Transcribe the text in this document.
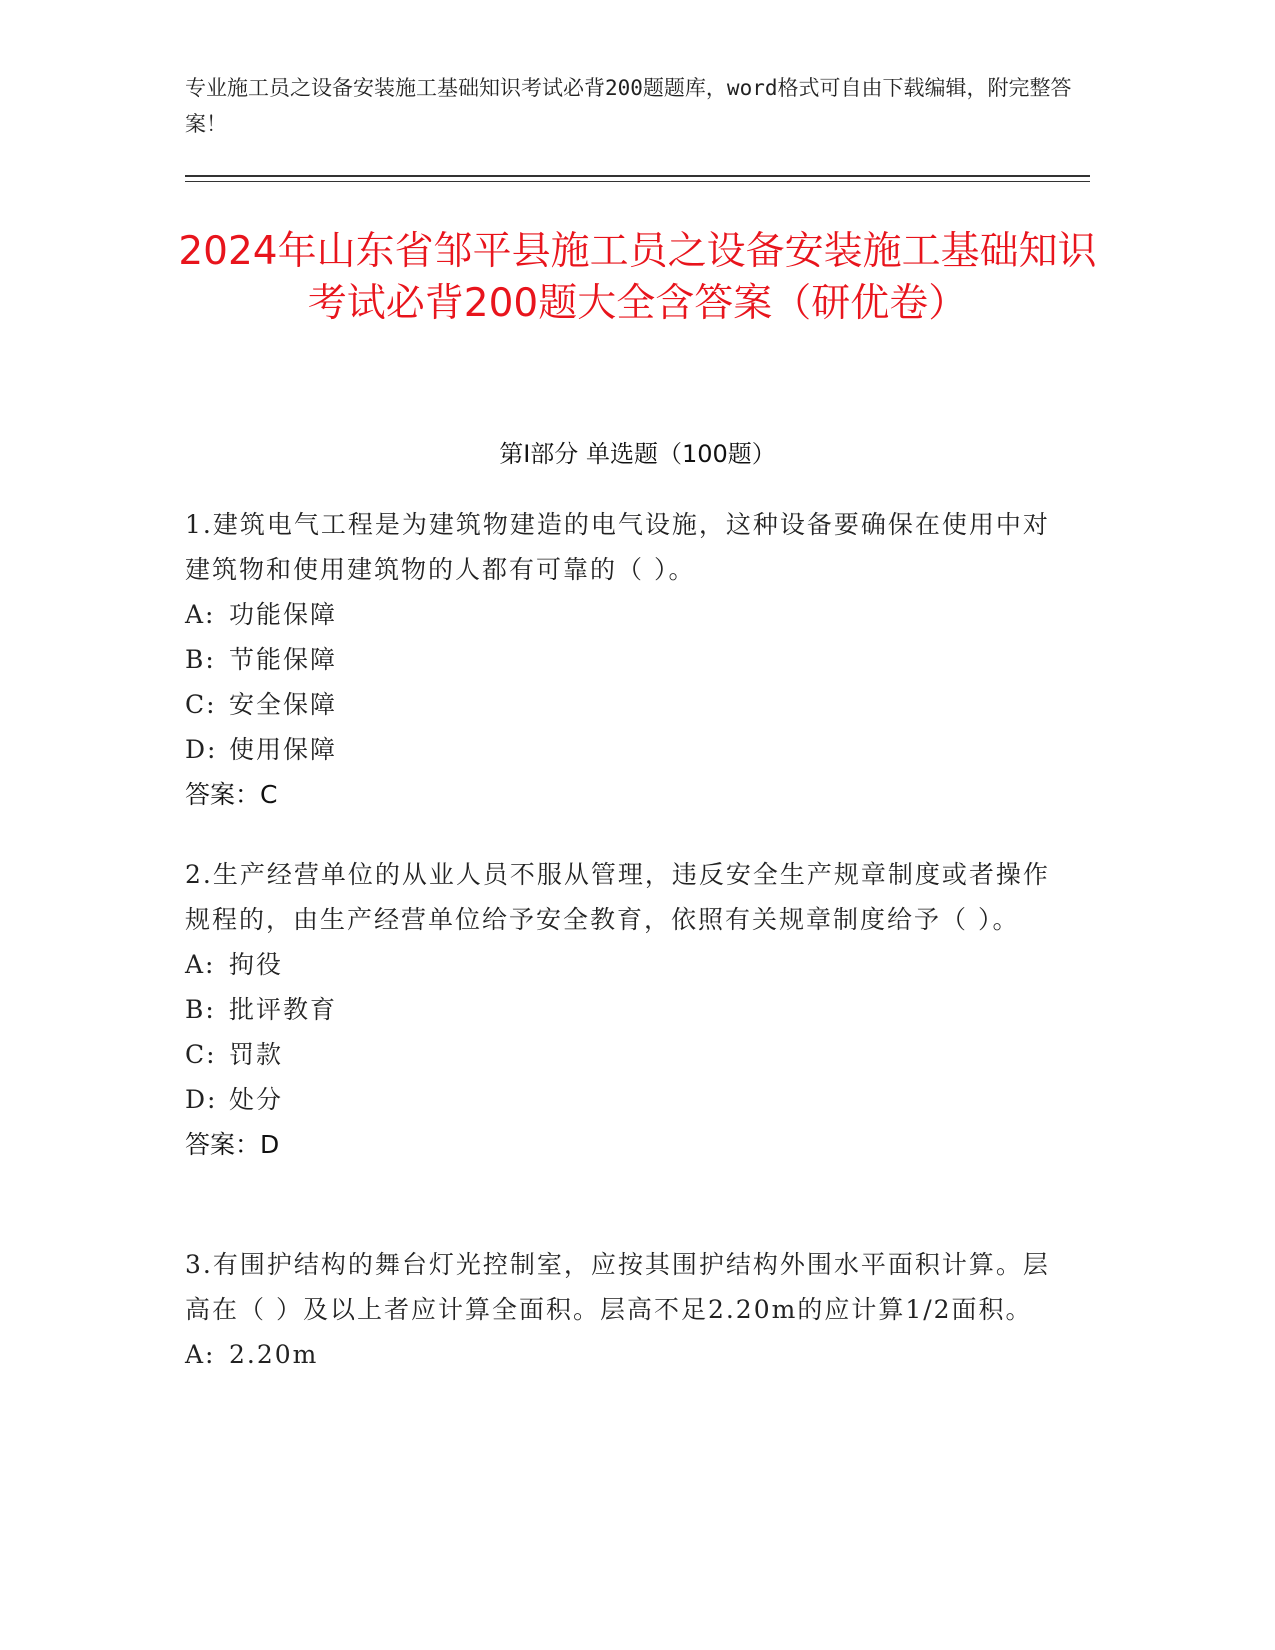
专业施工员之设备安装施工基础知识考试必背200题题库，word格式可自由下载编辑，附完整答案！
2024年山东省邹平县施工员之设备安装施工基础知识考试必背200题大全含答案（研优卷）
第I部分 单选题（100题）
1.建筑电气工程是为建筑物建造的电气设施，这种设备要确保在使用中对建筑物和使用建筑物的人都有可靠的（ ）。
A: 功能保障
B: 节能保障
C: 安全保障
D: 使用保障
答案：C
2.生产经营单位的从业人员不服从管理，违反安全生产规章制度或者操作规程的，由生产经营单位给予安全教育，依照有关规章制度给予（ ）。
A: 拘役
B: 批评教育
C: 罚款
D: 处分
答案：D
3.有围护结构的舞台灯光控制室，应按其围护结构外围水平面积计算。层高在（ ）及以上者应计算全面积。层高不足2.20m的应计算1/2面积。
A: 2.20m
